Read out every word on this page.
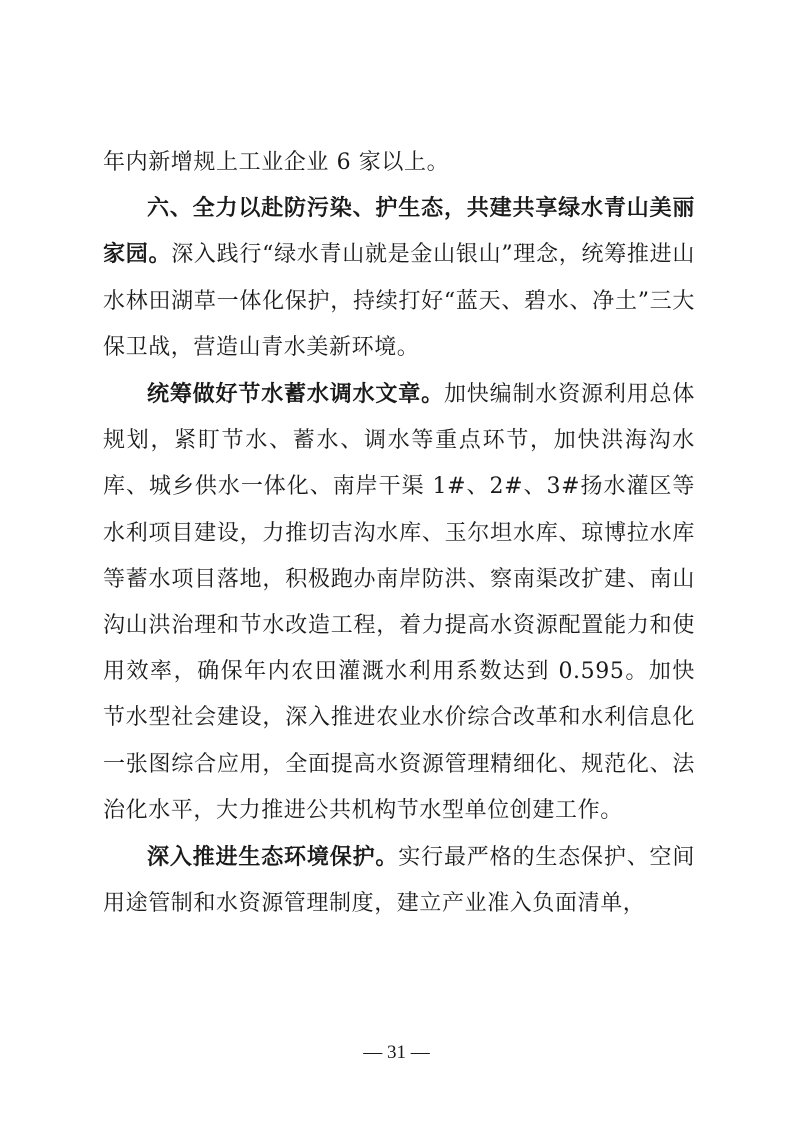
年内新增规上工业企业 6 家以上。

六、全力以赴防污染、护生态，共建共享绿水青山美丽家园。深入践行“绿水青山就是金山银山”理念，统筹推进山水林田湖草一体化保护，持续打好“蓝天、碧水、净土”三大保卫战，营造山青水美新环境。

统筹做好节水蓄水调水文章。加快编制水资源利用总体规划，紧盯节水、蓄水、调水等重点环节，加快洪海沟水库、城乡供水一体化、南岸干渠 1#、2#、3#扬水灌区等水利项目建设，力推切吉沟水库、玉尔坦水库、琼博拉水库等蓄水项目落地，积极跑办南岸防洪、察南渠改扩建、南山沟山洪治理和节水改造工程，着力提高水资源配置能力和使用效率，确保年内农田灌溉水利用系数达到 0.595。加快节水型社会建设，深入推进农业水价综合改革和水利信息化一张图综合应用，全面提高水资源管理精细化、规范化、法治化水平，大力推进公共机构节水型单位创建工作。

深入推进生态环境保护。实行最严格的生态保护、空间用途管制和水资源管理制度，建立产业准入负面清单，

— 31 —
